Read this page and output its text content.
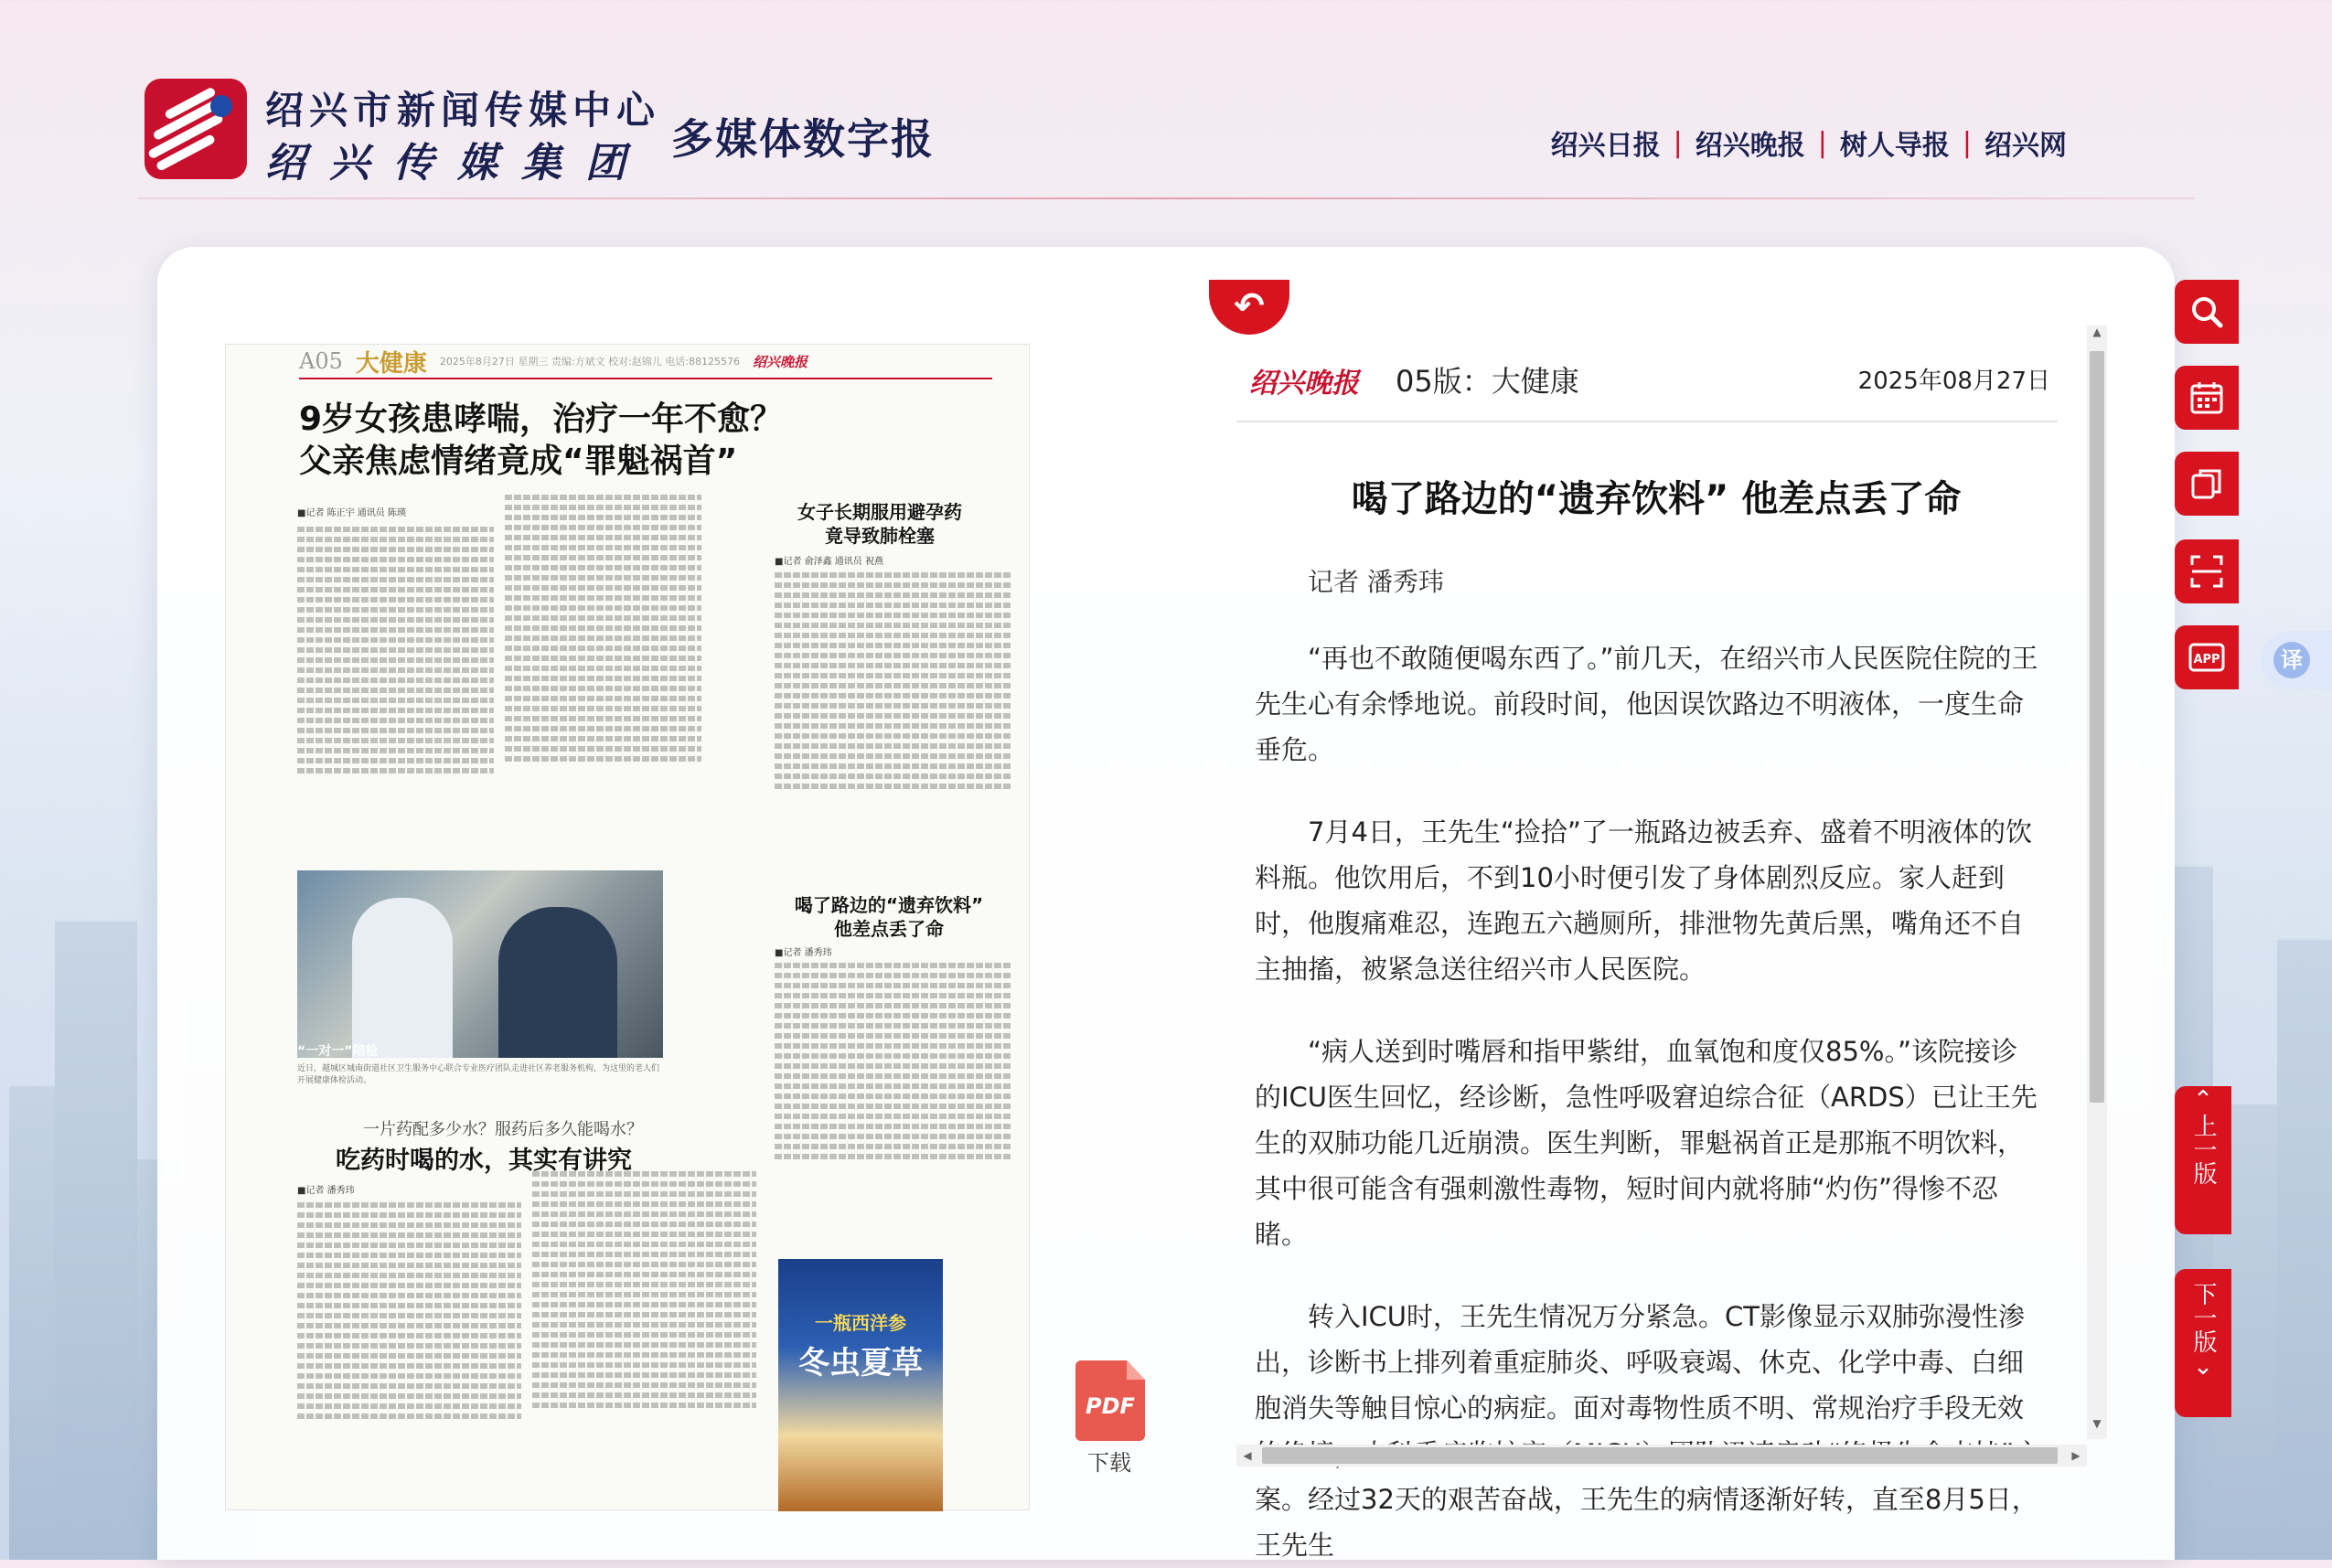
绍兴市新闻传媒中心
绍兴传媒集团 多媒体数字报	绍兴日报 | 绍兴晚报 | 树人导报 | 绍兴网
A05 大健康 2025年8月27日 星期三 责编:方斌文 校对:赵锦儿 电话:88125576 绍兴晚报
9岁女孩患哮喘，治疗一年不愈？
父亲焦虑情绪竟成“罪魁祸首”
■记者 陈正宇 通讯员 陈瑛	女子长期服用避孕药
竟导致肺栓塞
■记者 俞泽鑫 通讯员 祝燕
“一对一”陪检
近日，越城区城南街道社区卫生服务中心联合专业医疗团队走进社区养老服务机构，为这里的老人们开展健康体检活动。
喝了路边的“遗弃饮料”
他差点丢了命
■记者 潘秀玮
一片药配多少水？服药后多久能喝水？
吃药时喝的水，其实有讲究
■记者 潘秀玮
一瓶西洋参
冬虫夏草
PDF
下载
↶
绍兴晚报 05版：大健康	2025年08月27日
喝了路边的“遗弃饮料” 他差点丢了命
记者 潘秀玮

“再也不敢随便喝东西了。”前几天，在绍兴市人民医院住院的王先生心有余悸地说。前段时间，他因误饮路边不明液体，一度生命垂危。

7月4日，王先生“捡拾”了一瓶路边被丢弃、盛着不明液体的饮料瓶。他饮用后，不到10小时便引发了身体剧烈反应。家人赶到时，他腹痛难忍，连跑五六趟厕所，排泄物先黄后黑，嘴角还不自主抽搐，被紧急送往绍兴市人民医院。

“病人送到时嘴唇和指甲紫绀，血氧饱和度仅85%。”该院接诊的ICU医生回忆，经诊断，急性呼吸窘迫综合征（ARDS）已让王先生的双肺功能几近崩溃。医生判断，罪魁祸首正是那瓶不明饮料，其中很可能含有强刺激性毒物，短时间内就将肺“灼伤”得惨不忍睹。

转入ICU时，王先生情况万分紧急。CT影像显示双肺弥漫性渗出，诊断书上排列着重症肺炎、呼吸衰竭、休克、化学中毒、白细胞消失等触目惊心的病症。面对毒物性质不明、常规治疗手段无效 案。经过32天的艰苦奋战，王先生的病情逐渐好转，直至8月5日，王先生

▲
▼
◀	▶
APP	译
⌃
上一版
下一版
⌄
